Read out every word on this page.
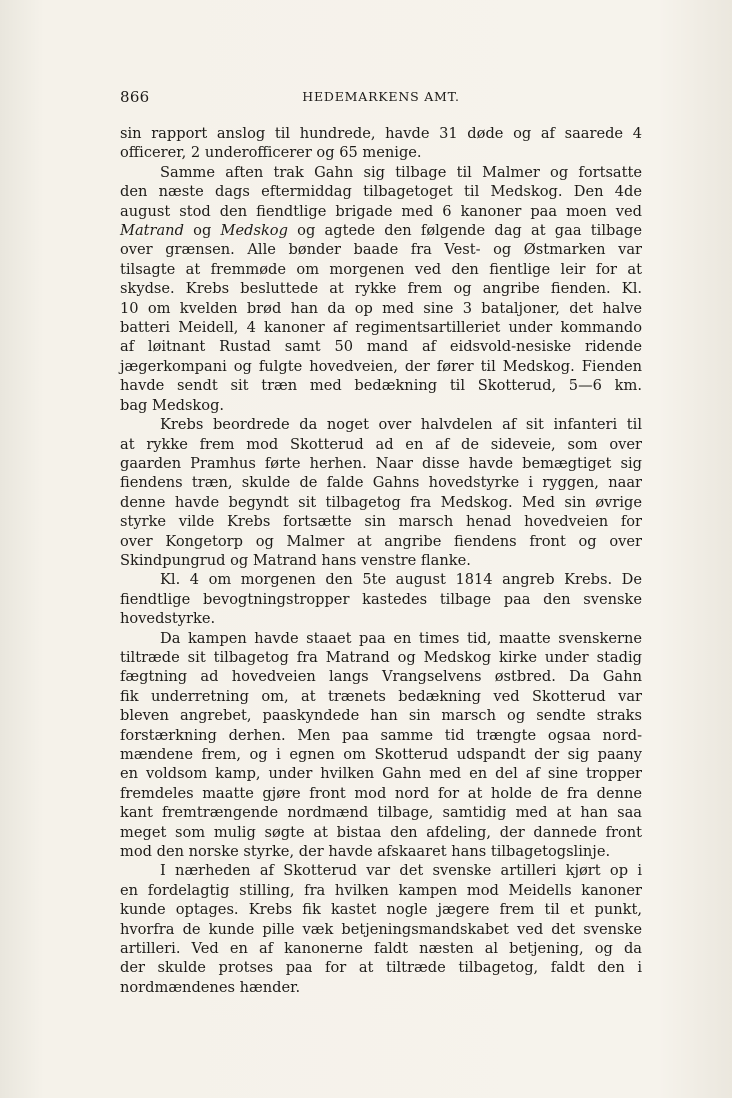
866	HEDEMARKENS AMT.
sin rapport anslog til hundrede, havde 31 døde og af saarede 4
officerer, 2 underofficerer og 65 menige.
Samme aften trak Gahn sig tilbage til Malmer og fortsatte
den næste dags eftermiddag tilbagetoget til Medskog. Den 4de
august stod den fiendtlige brigade med 6 kanoner paa moen ved
Matrand og Medskog og agtede den følgende dag at gaa tilbage
over grænsen. Alle bønder baade fra Vest- og Østmarken var
tilsagte at fremmøde om morgenen ved den fientlige leir for at
skydse. Krebs besluttede at rykke frem og angribe fienden. Kl.
10 om kvelden brød han da op med sine 3 bataljoner, det halve
batteri Meidell, 4 kanoner af regimentsartilleriet under kommando
af løitnant Rustad samt 50 mand af eidsvold-nesiske ridende
jægerkompani og fulgte hovedveien, der fører til Medskog. Fienden
havde sendt sit træn med bedækning til Skotterud, 5—6 km.
bag Medskog.
Krebs beordrede da noget over halvdelen af sit infanteri til
at rykke frem mod Skotterud ad en af de sideveie, som over
gaarden Pramhus førte herhen. Naar disse havde bemægtiget sig
fiendens træn, skulde de falde Gahns hovedstyrke i ryggen, naar
denne havde begyndt sit tilbagetog fra Medskog. Med sin øvrige
styrke vilde Krebs fortsætte sin marsch henad hovedveien for
over Kongetorp og Malmer at angribe fiendens front og over
Skindpungrud og Matrand hans venstre flanke.
Kl. 4 om morgenen den 5te august 1814 angreb Krebs. De
fiendtlige bevogtningstropper kastedes tilbage paa den svenske
hovedstyrke.
Da kampen havde staaet paa en times tid, maatte svenskerne
tiltræde sit tilbagetog fra Matrand og Medskog kirke under stadig
fægtning ad hovedveien langs Vrangselvens østbred. Da Gahn
fik underretning om, at trænets bedækning ved Skotterud var
bleven angrebet, paaskyndede han sin marsch og sendte straks
forstærkning derhen. Men paa samme tid trængte ogsaa nord-
mændene frem, og i egnen om Skotterud udspandt der sig paany
en voldsom kamp, under hvilken Gahn med en del af sine tropper
fremdeles maatte gjøre front mod nord for at holde de fra denne
kant fremtrængende nordmænd tilbage, samtidig med at han saa
meget som mulig søgte at bistaa den afdeling, der dannede front
mod den norske styrke, der havde afskaaret hans tilbagetogslinje.
I nærheden af Skotterud var det svenske artilleri kjørt op i
en fordelagtig stilling, fra hvilken kampen mod Meidells kanoner
kunde optages. Krebs fik kastet nogle jægere frem til et punkt,
hvorfra de kunde pille væk betjeningsmandskabet ved det svenske
artilleri. Ved en af kanonerne faldt næsten al betjening, og da
der skulde protses paa for at tiltræde tilbagetog, faldt den i
nordmændenes hænder.
